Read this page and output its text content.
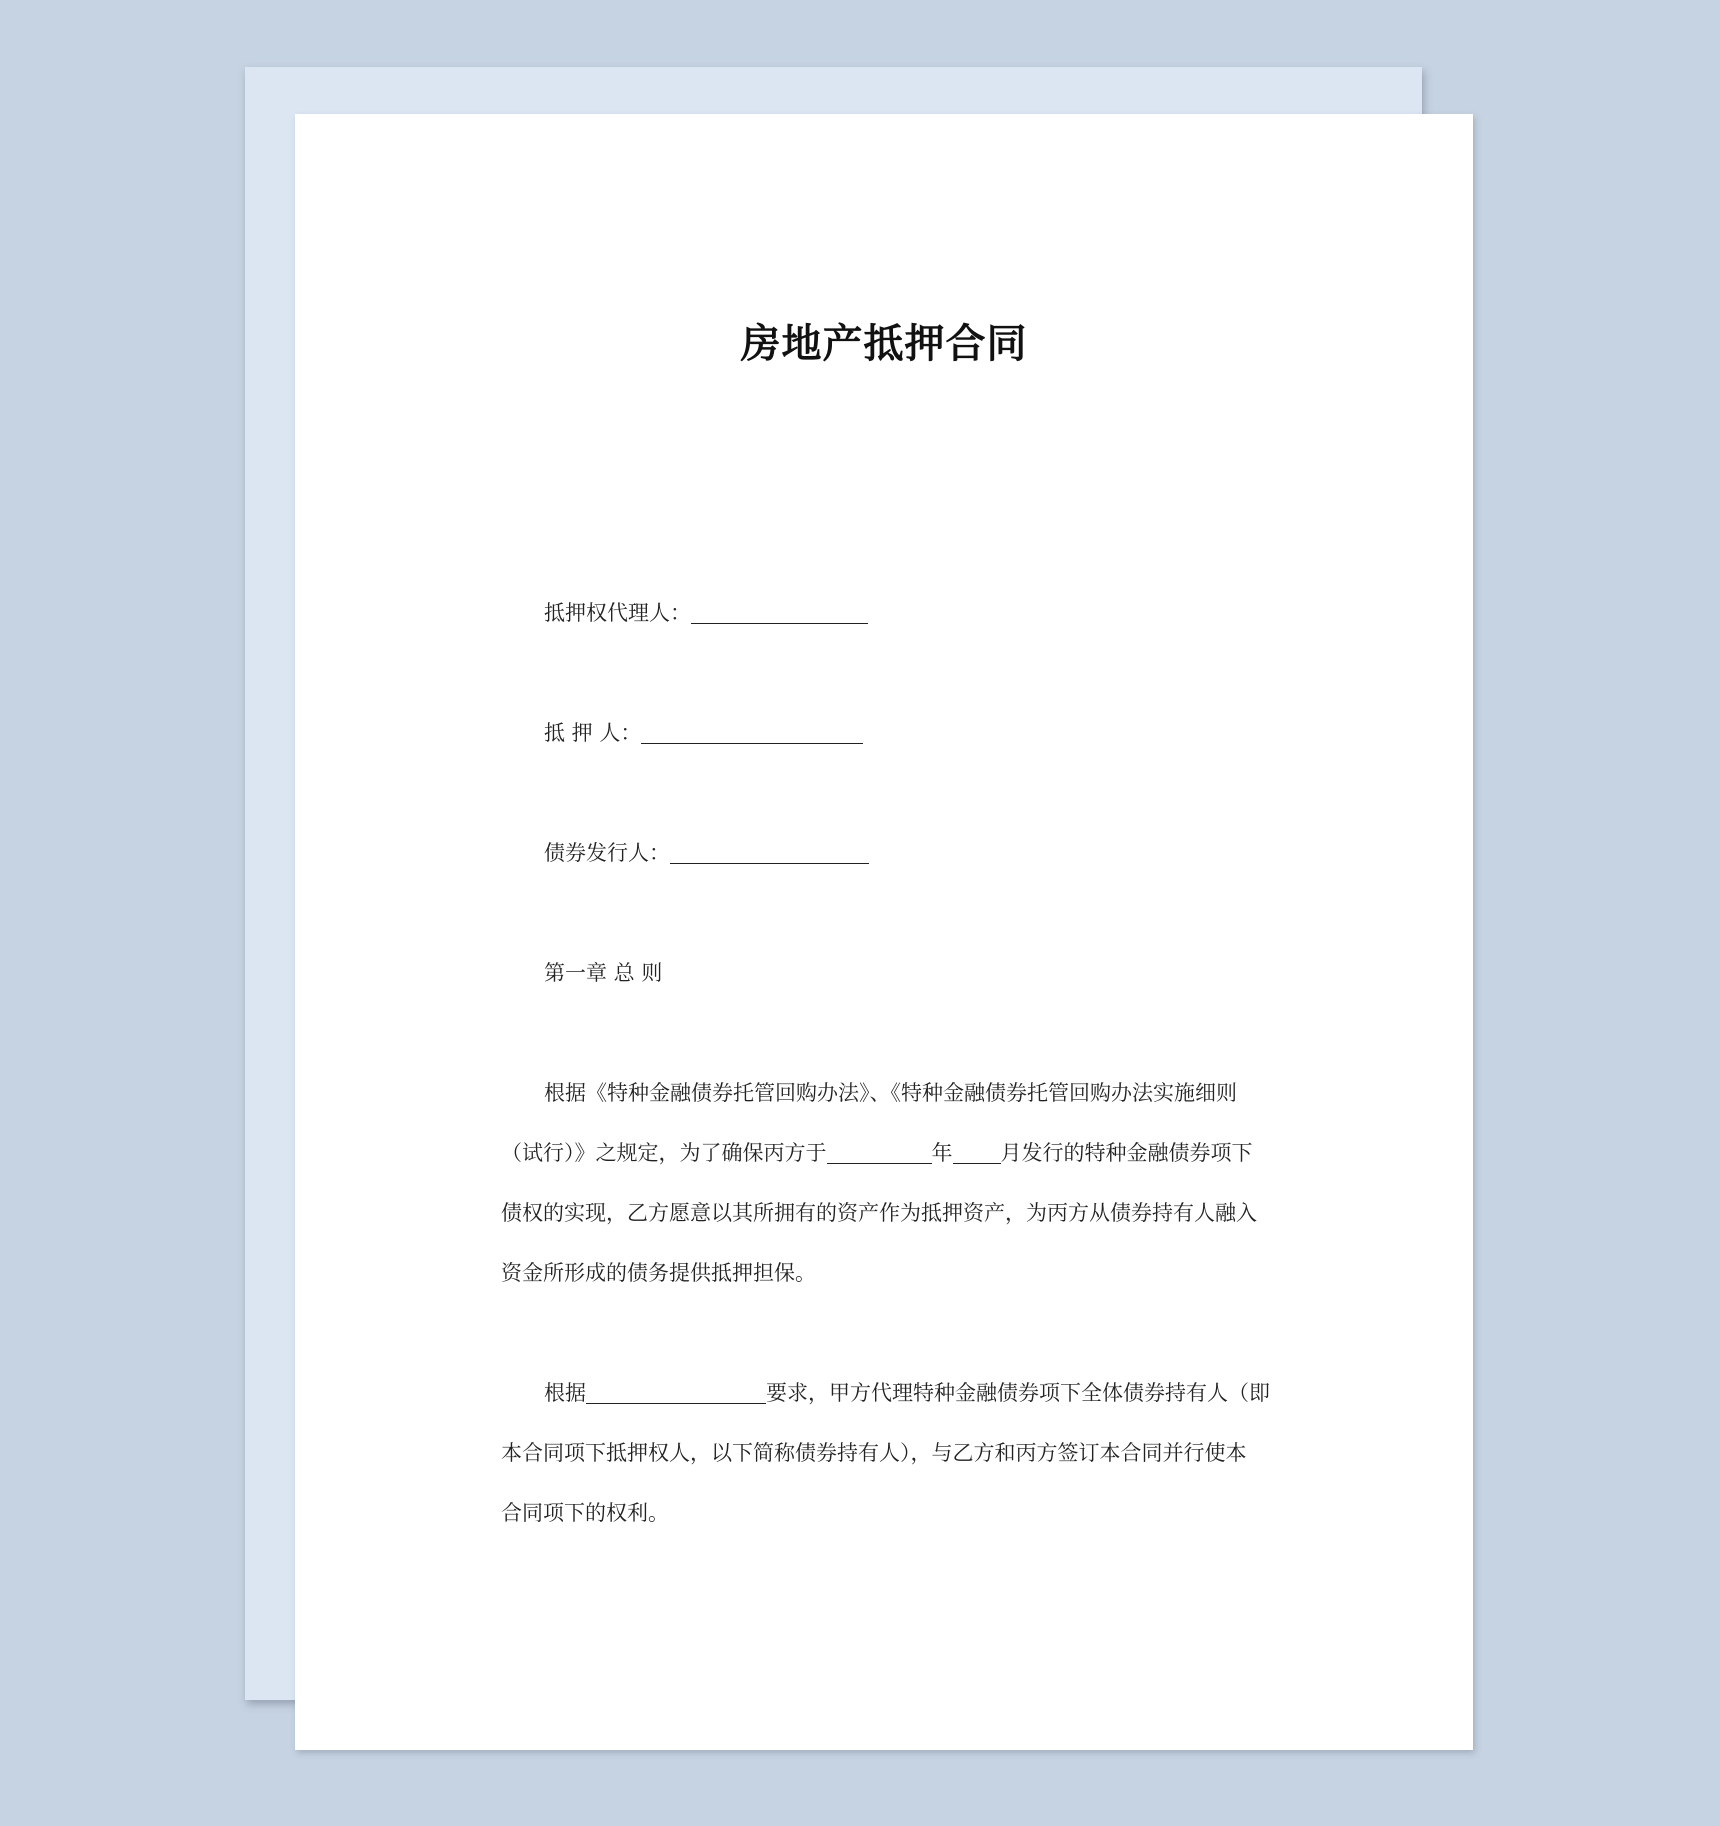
房地产抵押合同
抵押权代理人：
抵 押 人：
债券发行人：
第一章 总 则
根据《特种金融债券托管回购办法》、《特种金融债券托管回购办法实施细则
（试行）》之规定，为了确保丙方于	年 月发行的特种金融债券项下
债权的实现，乙方愿意以其所拥有的资产作为抵押资产，为丙方从债券持有人融入
资金所形成的债务提供抵押担保。
根据	要求，甲方代理特种金融债券项下全体债券持有人（即
本合同项下抵押权人，以下简称债券持有人），与乙方和丙方签订本合同并行使本
合同项下的权利。
